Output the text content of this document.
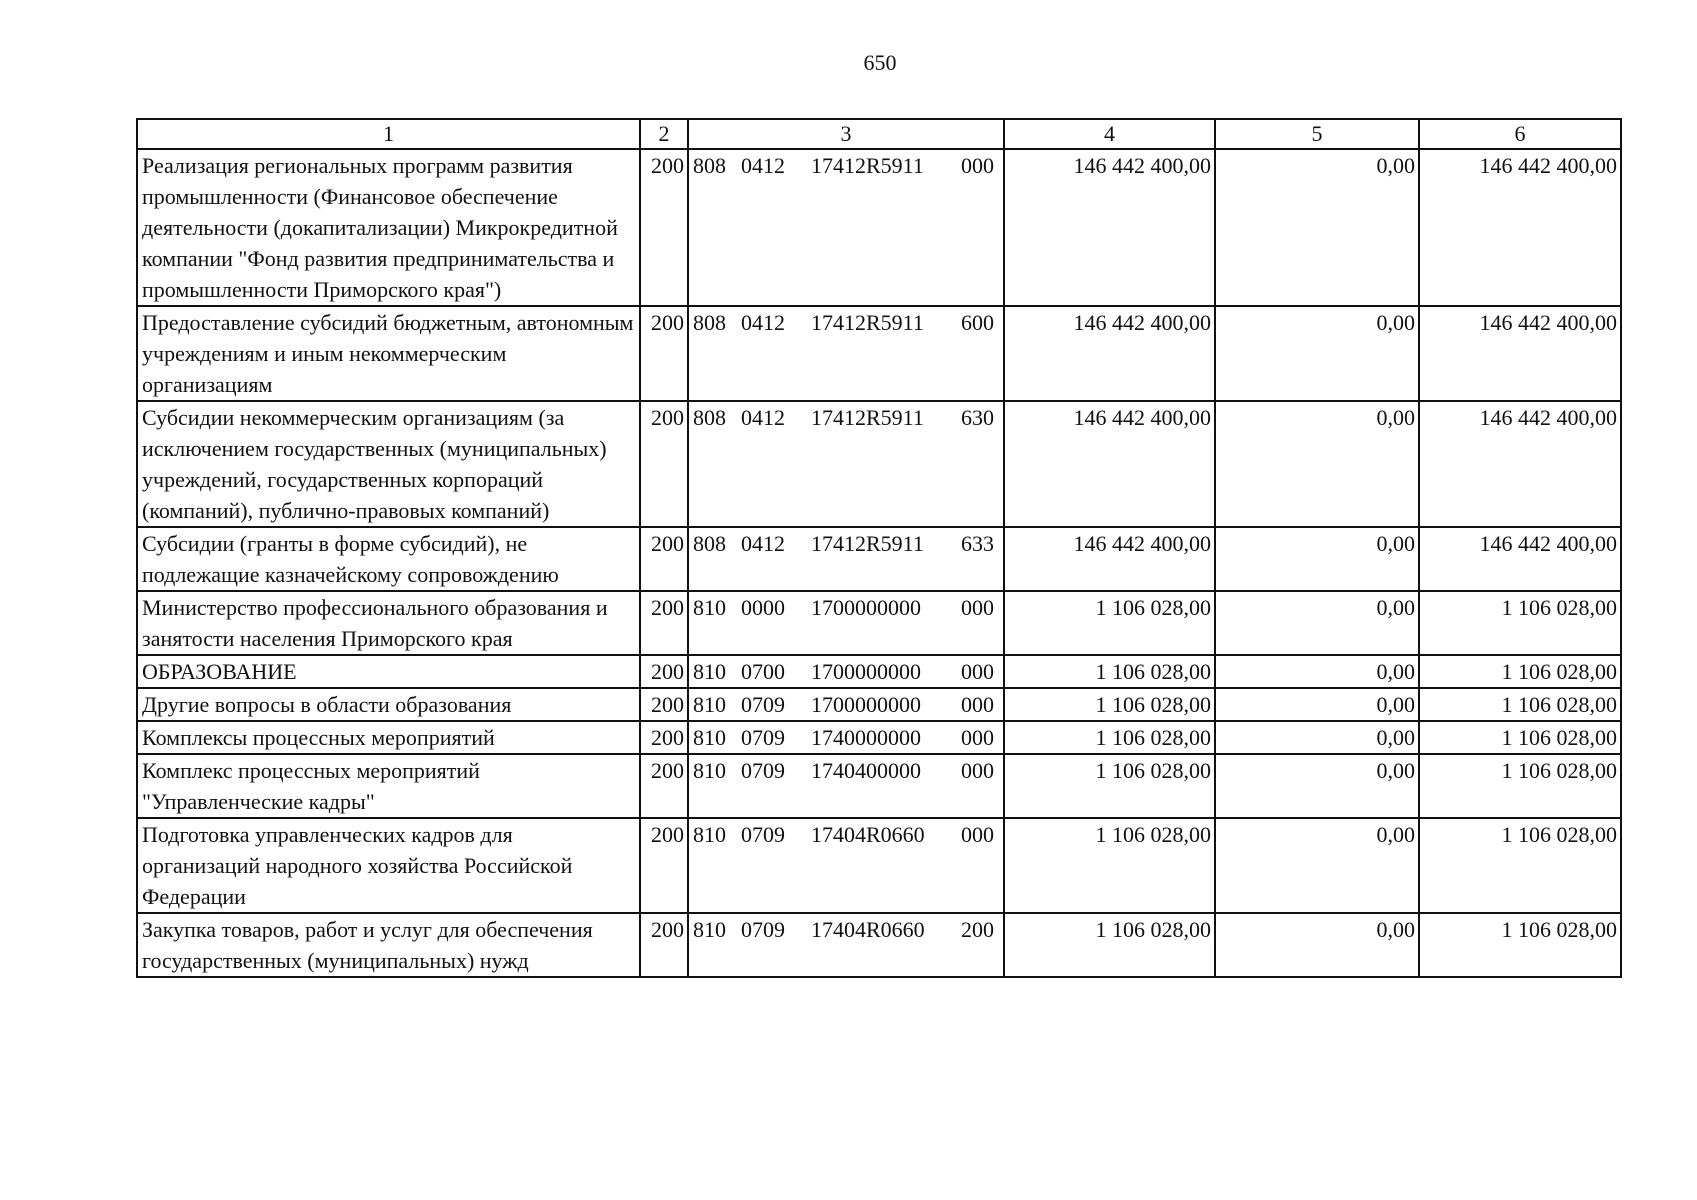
650
1	2	3	4	5	6
Реализация региональных программ развития промышленности (Финансовое обеспечение деятельности (докапитализации) Микрокредитной компании "Фонд развития предпринимательства и промышленности Приморского края")	200	808 0412 17412R5911 000	146 442 400,00	0,00	146 442 400,00
Предоставление субсидий бюджетным, автономным учреждениям и иным некоммерческим организациям	200	808 0412 17412R5911 600	146 442 400,00	0,00	146 442 400,00
Субсидии некоммерческим организациям (за исключением государственных (муниципальных) учреждений, государственных корпораций (компаний), публично-правовых компаний)	200	808 0412 17412R5911 630	146 442 400,00	0,00	146 442 400,00
Субсидии (гранты в форме субсидий), не подлежащие казначейскому сопровождению	200	808 0412 17412R5911 633	146 442 400,00	0,00	146 442 400,00
Министерство профессионального образования и занятости населения Приморского края	200	810 0000 1700000000 000	1 106 028,00	0,00	1 106 028,00
ОБРАЗОВАНИЕ	200	810 0700 1700000000 000	1 106 028,00	0,00	1 106 028,00
Другие вопросы в области образования	200	810 0709 1700000000 000	1 106 028,00	0,00	1 106 028,00
Комплексы процессных мероприятий	200	810 0709 1740000000 000	1 106 028,00	0,00	1 106 028,00
Комплекс процессных мероприятий "Управленческие кадры"	200	810 0709 1740400000 000	1 106 028,00	0,00	1 106 028,00
Подготовка управленческих кадров для организаций народного хозяйства Российской Федерации	200	810 0709 17404R0660 000	1 106 028,00	0,00	1 106 028,00
Закупка товаров, работ и услуг для обеспечения государственных (муниципальных) нужд	200	810 0709 17404R0660 200	1 106 028,00	0,00	1 106 028,00
